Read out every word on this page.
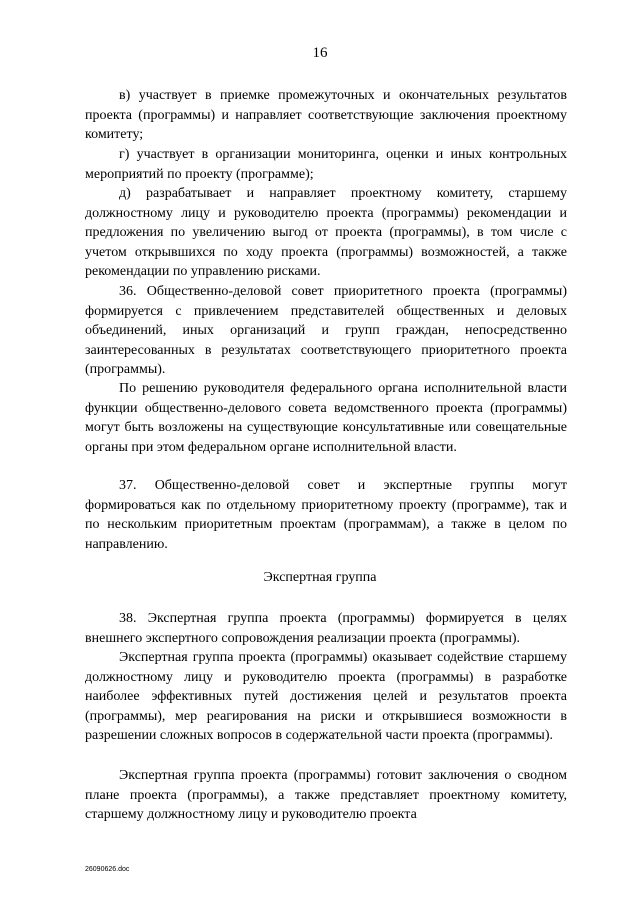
16
в) участвует в приемке промежуточных и окончательных результатов проекта (программы) и направляет соответствующие заключения проектному комитету;
г) участвует в организации мониторинга, оценки и иных контрольных мероприятий по проекту (программе);
д) разрабатывает и направляет проектному комитету, старшему должностному лицу и руководителю проекта (программы) рекомендации и предложения по увеличению выгод от проекта (программы), в том числе с учетом открывшихся по ходу проекта (программы) возможностей, а также рекомендации по управлению рисками.
36. Общественно-деловой совет приоритетного проекта (программы) формируется с привлечением представителей общественных и деловых объединений, иных организаций и групп граждан, непосредственно заинтересованных в результатах соответствующего приоритетного проекта (программы).
По решению руководителя федерального органа исполнительной власти функции общественно-делового совета ведомственного проекта (программы) могут быть возложены на существующие консультативные или совещательные органы при этом федеральном органе исполнительной власти.
37. Общественно-деловой совет и экспертные группы могут формироваться как по отдельному приоритетному проекту (программе), так и по нескольким приоритетным проектам (программам), а также в целом по направлению.
Экспертная группа
38. Экспертная группа проекта (программы) формируется в целях внешнего экспертного сопровождения реализации проекта (программы).
Экспертная группа проекта (программы) оказывает содействие старшему должностному лицу и руководителю проекта (программы) в разработке наиболее эффективных путей достижения целей и результатов проекта (программы), мер реагирования на риски и открывшиеся возможности в разрешении сложных вопросов в содержательной части проекта (программы).
Экспертная группа проекта (программы) готовит заключения о сводном плане проекта (программы), а также представляет проектному комитету, старшему должностному лицу и руководителю проекта
26090626.doc
